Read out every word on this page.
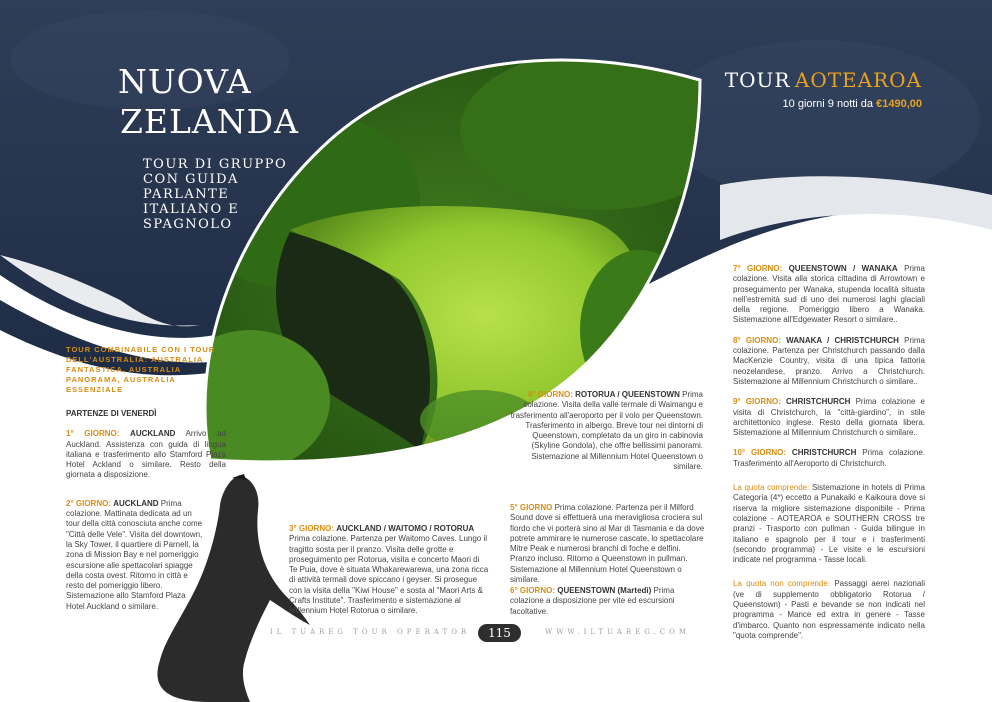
NUOVA
ZELANDA
TOUR DI GRUPPO
CON GUIDA
PARLANTE
ITALIANO E
SPAGNOLO
TOUR AOTEAROA
10 giorni 9 notti da €1490,00
TOUR COMBINABILE CON I TOUR DELL'AUSTRALIA: AUSTRALIA FANTASTICA, AUSTRALIA PANORAMA, AUSTRALIA ESSENZIALE
PARTENZE DI VENERDÌ

1° GIORNO: AUCKLAND Arrivo ad Auckland. Assistenza con guida di lingua italiana e trasferimento allo Stamford Plaza Hotel Ackland o similare. Resto della giornata a disposizione.

2° GIORNO: AUCKLAND Prima colazione. Mattinata dedicata ad un tour della città conosciuta anche come "Città delle Vele". Visita del downtown, la Sky Tower, il quartiere di Parnell, la zona di Mission Bay e nel pomeriggio escursione alle spettacolari spiagge della costa ovest. Ritorno in città e resto del pomeriggio libero. Sistemazione allo Stamford Plaza Hotel Auckland o similare.

3° GIORNO: AUCKLAND / WAITOMO / ROTORUA Prima colazione. Partenza per Waitomo Caves. Lungo il tragitto sosta per il pranzo. Visita delle grotte e proseguimento per Rotorua, visita e concerto Maori di Te Puia, dove è situata Whakarewarewa, una zona ricca di attività termali dove spiccano i geyser. Si prosegue con la visita della "Kiwi House" e sosta al "Maori Arts & Crafts Institute". Trasferimento e sistemazione al Millennium Hotel Rotorua o similare.
4° GIORNO: ROTORUA / QUEENSTOWN Prima colazione. Visita della valle termale di Waimangu e trasferimento all'aeroporto per il volo per Queenstown. Trasferimento in albergo. Breve tour nei dintorni di Queenstown, completato da un giro in cabinovia (Skyline Gondola), che offre bellissimi panorami. Sistemazione al Millennium Hotel Queenstown o similare.
5° GIORNO Prima colazione. Partenza per il Milford Sound dove si effettuerà una meravigliosa crociera sul fiordo che vi porterà sino al Mar di Tasmania e da dove potrete ammirare le numerose cascate, lo spettacolare Mitre Peak e numerosi branchi di foche e delfini. Pranzo incluso. Ritorno a Queenstown in pullman. Sistemazione al Millennium Hotel Queenstown o similare.
6° GIORNO: QUEENSTOWN (Martedì) Prima colazione a disposizione per vite ed escursioni facoltative.

7° GIORNO: QUEENSTOWN / WANAKA Prima colazione. Visita alla storica cittadina di Arrowtown e proseguimento per Wanaka, stupenda località situata nell'estremità sud di uno dei numerosi laghi glaciali della regione. Pomeriggio libero a Wanaka. Sistemazione all'Edgewater Resort o similare..

8° GIORNO: WANAKA / CHRISTCHURCH Prima colazione. Partenza per Christchurch passando dalla MacKenzie Country, visita di una tipica fattoria neozelandese, pranzo. Arrivo a Christchurch. Sistemazione al Millennium Christchurch o similare..

9° GIORNO: CHRISTCHURCH Prima colazione e visita di Christchurch, la "città-giardino", in stile architettonico inglese. Resto della giornata libera. Sistemazione al Millennium Christchurch o similare..

10° GIORNO: CHRISTCHURCH Prima colazione. Trasferimento all'Aeroporto di Christchurch.

La quota comprende: Sistemazione in hotels di Prima Categoria (4*) eccetto a Punakaiki e Kaikoura dove si riserva la migliore sistemazione disponibile - Prima colazione - AOTEAROA e SOUTHERN CROSS tre pranzi - Trasporto con pullman - Guida bilingue in italiano e spagnolo per il tour e i trasferimenti (secondo programma) - Le visite e le escursioni indicate nel programma - Tasse locali.

La quota non comprende: Passaggi aerei nazionali (ve di supplemento obbligatorio Rotorua / Queenstown) - Pasti e bevande se non indicati nel programma - Mance ed extra in genere - Tasse d'imbarco. Quanto non espressamente indicato nella "quota comprende".

IL TUAREG TOUR OPERATOR	115	WWW.ILTUAREG.COM
